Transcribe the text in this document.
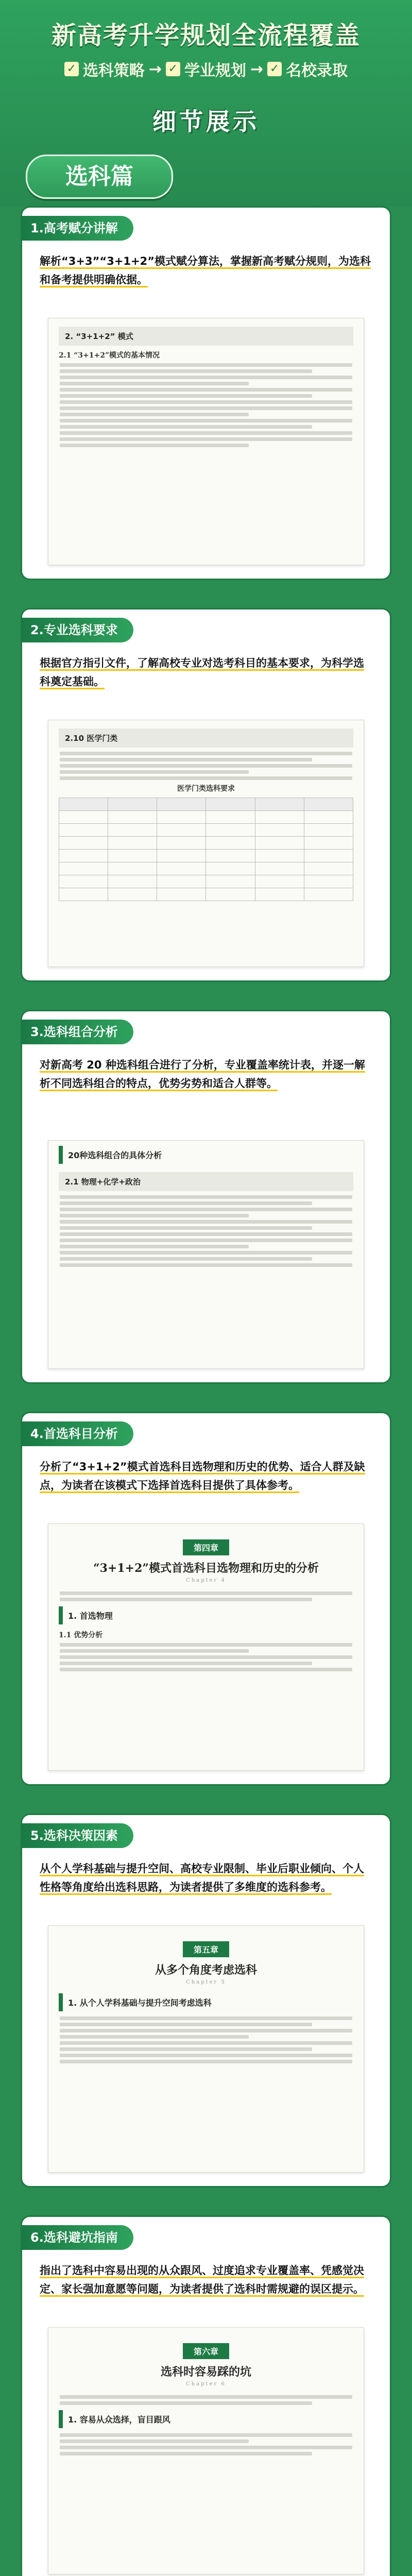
新高考升学规划全流程覆盖
✓ 选科策略 → ✓ 学业规划 → ✓ 名校录取
细节展示
选科篇
1.高考赋分讲解
解析“3+3”“3+1+2”模式赋分算法，掌握新高考赋分规则，为选科和备考提供明确依据。
2. “3+1+2” 模式
2.1 “3+1+2”模式的基本情况
2.专业选科要求
根据官方指引文件，了解高校专业对选考科目的基本要求，为科学选科奠定基础。
2.10 医学门类
医学门类选科要求

3.选科组合分析
对新高考 20 种选科组合进行了分析，专业覆盖率统计表，并逐一解析不同选科组合的特点，优势劣势和适合人群等。
20种选科组合的具体分析
2.1 物理+化学+政治
4.首选科目分析
分析了“3+1+2”模式首选科目选物理和历史的优势、适合人群及缺点，为读者在该模式下选择首选科目提供了具体参考。
第四章
“3+1+2”模式首选科目选物理和历史的分析
Chapter 4
1. 首选物理
1.1 优势分析
5.选科决策因素
从个人学科基础与提升空间、高校专业限制、毕业后职业倾向、个人性格等角度给出选科思路，为读者提供了多维度的选科参考。
第五章
从多个角度考虑选科
Chapter 5
1. 从个人学科基础与提升空间考虑选科
6.选科避坑指南
指出了选科中容易出现的从众跟风、过度追求专业覆盖率、凭感觉决定、家长强加意愿等问题，为读者提供了选科时需规避的误区提示。
第六章
选科时容易踩的坑
Chapter 6
1. 容易从众选择，盲目跟风
